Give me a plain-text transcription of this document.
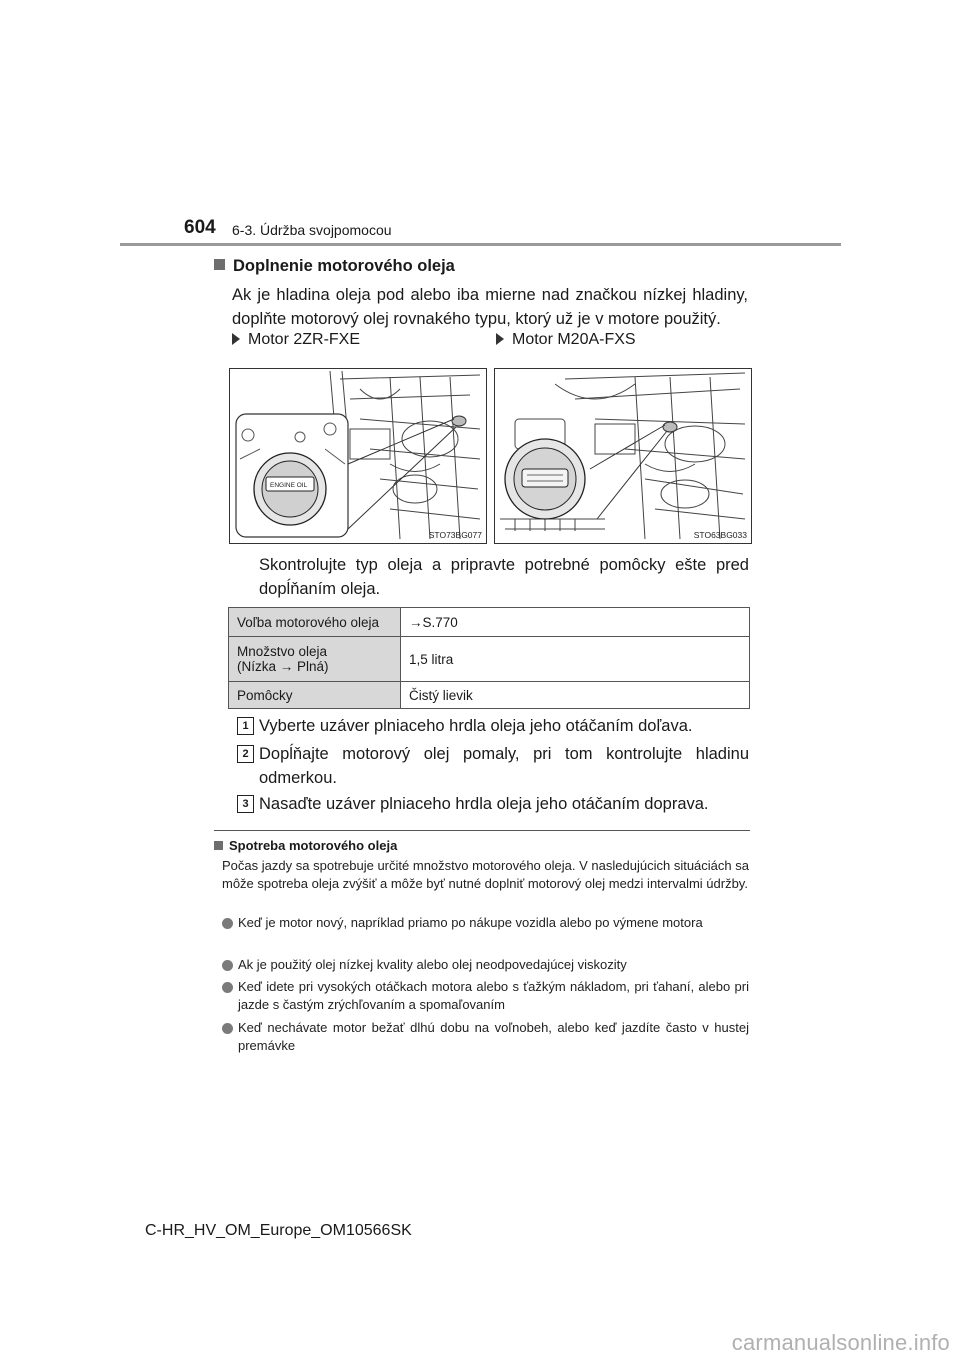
604 6-3. Údržba svojpomocou
Doplnenie motorového oleja
Ak je hladina oleja pod alebo iba mierne nad značkou nízkej hladiny, doplňte motorový olej rovnakého typu, ktorý už je v motore použitý.
Motor 2ZR-FXE	Motor M20A-FXS
ENGINE OIL
STO73BG077	STO63BG033
Skontrolujte typ oleja a pripravte potrebné pomôcky ešte pred dopĺňaním oleja.
Voľba motorového oleja	→S.770
Množstvo oleja
(Nízka → Plná)	1,5 litra
Pomôcky	Čistý lievik
1 Vyberte uzáver plniaceho hrdla oleja jeho otáčaním doľava.
2 Dopĺňajte motorový olej pomaly, pri tom kontrolujte hladinu odmerkou.
3 Nasaďte uzáver plniaceho hrdla oleja jeho otáčaním doprava.
Spotreba motorového oleja
Počas jazdy sa spotrebuje určité množstvo motorového oleja. V nasledujúcich situáciách sa môže spotreba oleja zvýšiť a môže byť nutné doplniť motorový olej medzi intervalmi údržby.
Keď je motor nový, napríklad priamo po nákupe vozidla alebo po výmene motora
Ak je použitý olej nízkej kvality alebo olej neodpovedajúcej viskozity
Keď idete pri vysokých otáčkach motora alebo s ťažkým nákladom, pri ťahaní, alebo pri jazde s častým zrýchľovaním a spomaľovaním
Keď nechávate motor bežať dlhú dobu na voľnobeh, alebo keď jazdíte často v hustej premávke
C-HR_HV_OM_Europe_OM10566SK
carmanualsonline.info
